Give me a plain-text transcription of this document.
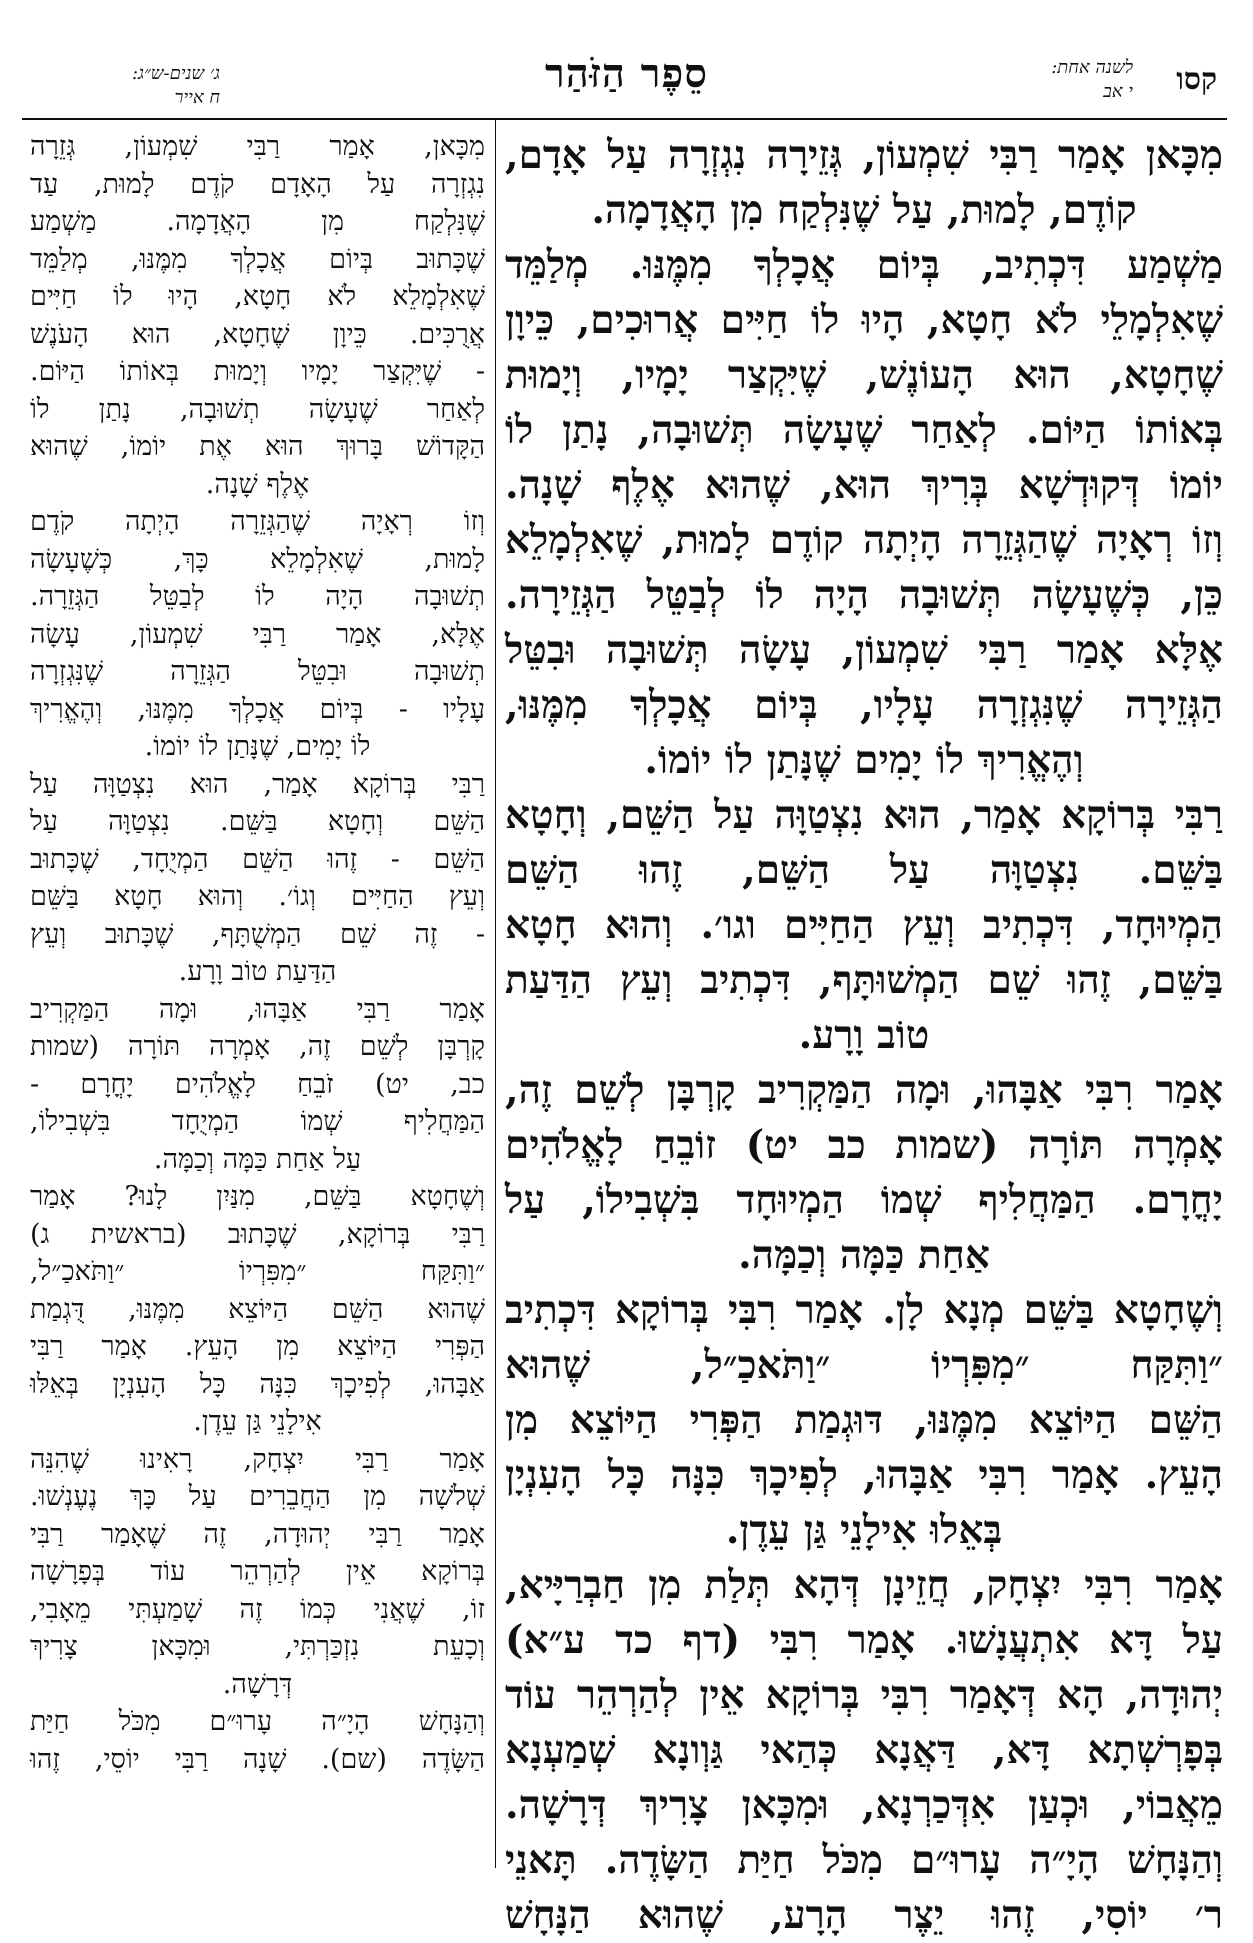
קסו
לשנה אחת:
י אב
סֵפֶר הַזֹּהַר
ג׳ שנים-ש״ג:
ח אייר
מִכָּאן אָמַר רַבִּי שִׁמְעוֹן, גְּזֵירָה נִגְזְרָה עַל אָדָם,
קוֹדֶם, לָמוּת, עַל שֶׁנִּלְקַח מִן הָאֲדָמָה.
מַשְׁמַע דִּכְתִיב, בְּיוֹם אֲכָלְךָ מִמֶּנּוּ. מְלַמֵּד
שֶׁאִלְמָלֵי לֹא חָטָא, הָיוּ לוֹ חַיִּים אֲרוּכִים, כֵּיוָן
שֶׁחָטָא, הוּא הָעוֹנֶשׁ, שֶׁיִּקְצַר יָמָיו, וְיָמוּת
בְּאוֹתוֹ הַיּוֹם. לְאַחַר שֶׁעָשָׂה תְּשׁוּבָה, נָתַן לוֹ
יוֹמוֹ דְּקוּדְשָׁא בְּרִיךְ הוּא, שֶׁהוּא אֶלֶף שָׁנָה.
וְזוֹ רְאָיָה שֶׁהַגְּזֵרָה הָיְתָה קוֹדֶם לָמוּת, שֶׁאִלְמָלֵא
כֵּן, כְּשֶׁעָשָׂה תְּשׁוּבָה הָיָה לוֹ לְבַטֵּל הַגְּזֵירָה.
אֶלָּא אָמַר רַבִּי שִׁמְעוֹן, עָשָׂה תְּשׁוּבָה וּבִטֵּל
הַגְּזֵירָה שֶׁנִּגְזְרָה עָלָיו, בְּיוֹם אֲכָלְךָ מִמֶּנּוּ,
וְהֶאֱרִיךְ לוֹ יָמִים שֶׁנָּתַן לוֹ יוֹמוֹ.
רַבִּי בְּרוֹקָא אָמַר, הוּא נִצְטַוָּה עַל הַשֵּׁם, וְחָטָא
בַּשֵּׁם. נִצְטַוָּה עַל הַשֵּׁם, זֶהוּ הַשֵּׁם
הַמְיוּחָד, דִּכְתִיב וְעֵץ הַחַיִּים וגו׳. וְהוּא חָטָא
בַּשֵּׁם, זֶהוּ שֵׁם הַמְשׁוּתָּף, דִּכְתִיב וְעֵץ הַדַּעַת
טוֹב וָרָע.
אָמַר רִבִּי אַבָּהוּ, וּמָה הַמַּקְרִיב קָרְבָּן לְשֵׁם זֶה,
אָמְרָה תּוֹרָה (שמות כב יט) זוֹבֵחַ לָאֱלֹהִים
יָחֳרָם. הַמַּחֲלִיף שְׁמוֹ הַמְיוּחָד בִּשְׁבִילוֹ, עַל
אַחַת כַּמָּה וְכַמָּה.
וְשֶׁחָטָא בַּשֵּׁם מְנָא לָן. אָמַר רִבִּי בְּרוֹקָא דִּכְתִיב
״וַתִּקַּח ״מִפִּרְיוֹ ״וַתֹּאכַ״ל, שֶׁהוּא
הַשֵּׁם הַיּוֹצֵא מִמֶּנּוּ, דּוּגְמַת הַפְּרִי הַיּוֹצֵא מִן
הָעֵץ. אָמַר רִבִּי אַבָּהוּ, לְפִיכָךְ כִּנָּה כָּל הָעִנְיָן
בְּאֵלוּ אִילָנֵי גַּן עֵדֶן.
אָמַר רִבִּי יִצְחָק, חֲזֵינָן דְּהָא תְּלַת מִן חַבְרַיָּיא,
עַל דָּא אִתְעֲנָשׁוּ. אָמַר רִבִּי (דף כד ע״א)
יְהוּדָה, הָא דְּאָמַר רִבִּי בְּרוֹקָא אֵין לְהַרְהֵר עוֹד
בְּפָרְשְׁתָא דָּא, דַּאֲנָא כְּהַאי גַּוְונָא שְׁמַעְנָא
מֵאֲבוֹי, וּכְעַן אִדְּכַרְנָא, וּמִכָּאן צָרִיךְ דְּרָשָׁה.
וְהַנָּחָשׁ הָיָ״ה עָרוּ״ם מִכֹּל חַיַּת הַשָּׂדֶה. תָּאנֵי
ר׳ יוֹסִי, זֶהוּ יֵצֶר הָרָע, שֶׁהוּא הַנָּחָשׁ
מִכָּאן, אָמַר רַבִּי שִׁמְעוֹן, גְּזֵרָה
נִגְזְרָה עַל הָאָדָם קֹדֶם לָמוּת, עַד
שֶׁנִּלְקַח מִן הָאֲדָמָה. מַשְׁמַע
שֶׁכָּתוּב בְּיוֹם אֲכָלְךָ מִמֶּנּוּ, מְלַמֵּד
שֶׁאִלְמָלֵא לֹא חָטָא, הָיוּ לוֹ חַיִּים
אֲרֻכִּים. כֵּיוָן שֶׁחָטָא, הוּא הָעֹנֶשׁ
- שֶׁיִּקְצַר יָמָיו וְיָמוּת בְּאוֹתוֹ הַיּוֹם.
לְאַחַר שֶׁעָשָׂה תְשׁוּבָה, נָתַן לוֹ
הַקָּדוֹשׁ בָּרוּךְ הוּא אֶת יוֹמוֹ, שֶׁהוּא
אֶלֶף שָׁנָה.
וְזוֹ רְאָיָה שֶׁהַגְּזֵרָה הָיְתָה קֹדֶם
לָמוּת, שֶׁאִלְמָלֵא כָּךְ, כְּשֶׁעָשָׂה
תְשׁוּבָה הָיָה לוֹ לְבַטֵּל הַגְּזֵרָה.
אֶלָּא, אָמַר רַבִּי שִׁמְעוֹן, עָשָׂה
תְשׁוּבָה וּבִטֵּל הַגְּזֵרָה שֶׁנִּגְזְרָה
עָלָיו - בְּיוֹם אֲכָלְךָ מִמֶּנּוּ, וְהֶאֱרִיךְ
לוֹ יָמִים, שֶׁנָּתַן לוֹ יוֹמוֹ.
רַבִּי בְּרוֹקָא אָמַר, הוּא נִצְטַוָּה עַל
הַשֵּׁם וְחָטָא בַּשֵּׁם. נִצְטַוָּה עַל
הַשֵּׁם - זֶהוּ הַשֵּׁם הַמְיֻחָד, שֶׁכָּתוּב
וְעֵץ הַחַיִּים וְגוֹ׳. וְהוּא חָטָא בַּשֵּׁם
- זֶה שֵׁם הַמְשֻׁתָּף, שֶׁכָּתוּב וְעֵץ
הַדַּעַת טוֹב וָרָע.
אָמַר רַבִּי אַבָּהוּ, וּמָה הַמַּקְרִיב
קָרְבָּן לְשֵׁם זֶה, אָמְרָה תּוֹרָה (שמות
כב, יט) זֹבֵחַ לָאֱלֹהִים יָחֳרָם -
הַמַּחֲלִיף שְׁמוֹ הַמְיֻחָד בִּשְׁבִילוֹ,
עַל אַחַת כַּמָּה וְכַמָּה.
וְשֶׁחָטָא בַּשֵּׁם, מִנַּיִן לָנוּ? אָמַר
רַבִּי בְּרוֹקָא, שֶׁכָּתוּב (בראשית ג)
״וַתִּקַּח ״מִפִּרְיוֹ ״וַתֹּאכַ״ל,
שֶׁהוּא הַשֵּׁם הַיּוֹצֵא מִמֶּנּוּ, דֻּגְמַת
הַפְּרִי הַיּוֹצֵא מִן הָעֵץ. אָמַר רַבִּי
אַבָּהוּ, לְפִיכָךְ כִּנָּה כָּל הָעִנְיָן בְּאֵלּוּ
אִילָנֵי גַּן עֵדֶן.
אָמַר רַבִּי יִצְחָק, רָאִינוּ שֶׁהִנֵּה
שְׁלֹשָׁה מִן הַחֲבֵרִים עַל כָּךְ נֶעֶנְשׁוּ.
אָמַר רַבִּי יְהוּדָה, זֶה שֶׁאָמַר רַבִּי
בְּרוֹקָא אֵין לְהַרְהֵר עוֹד בְּפָרָשָׁה
זוֹ, שֶׁאֲנִי כְּמוֹ זֶה שָׁמַעְתִּי מֵאָבִי,
וְכָעֵת נִזְכַּרְתִּי, וּמִכָּאן צָרִיךְ
דְּרָשָׁה.
וְהַנָּחָשׁ הָיָ״ה עָרוּ״ם מִכֹּל חַיַּת
הַשָּׂדֶה (שם). שָׁנָה רַבִּי יוֹסֵי, זֶהוּ
